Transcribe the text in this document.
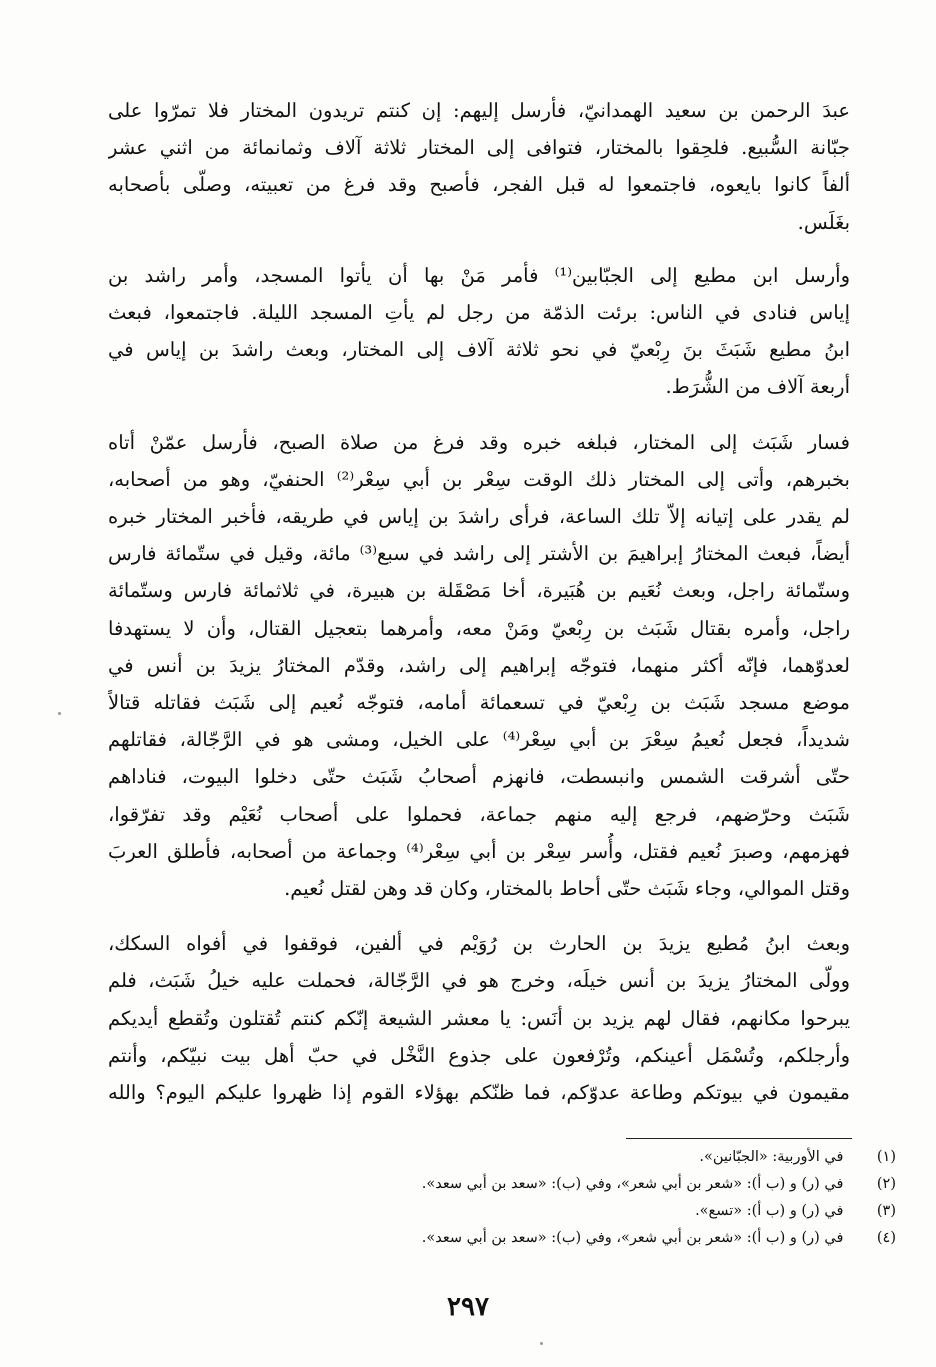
عبدَ الرحمن بن سعيد الهمدانيّ، فأرسل إليهم: إن كنتم تريدون المختار فلا تمرّوا على
جبّانة السُّبيع. فلحِقوا بالمختار، فتوافى إلى المختار ثلاثة آلاف وثمانمائة من اثني عشر
ألفاً كانوا بايعوه، فاجتمعوا له قبل الفجر، فأصبح وقد فرغ من تعبيته، وصلّى بأصحابه
بغَلَس.
وأرسل ابن مطيع إلى الجبّابين⁽¹⁾ فأمر مَنْ بها أن يأتوا المسجد، وأمر راشد بن
إياس فنادى في الناس: برئت الذمّة من رجل لم يأتِ المسجد الليلة. فاجتمعوا، فبعث
ابنُ مطيع شَبَثَ بنَ رِبْعيّ في نحو ثلاثة آلاف إلى المختار، وبعث راشدَ بن إياس في
أربعة آلاف من الشُّرَط.
فسار شَبَث إلى المختار، فبلغه خبره وقد فرغ من صلاة الصبح، فأرسل عمّنْ أتاه
بخبرهم، وأتى إلى المختار ذلك الوقت سِعْر بن أبي سِعْر⁽²⁾ الحنفيّ، وهو من أصحابه،
لم يقدر على إتيانه إلاّ تلك الساعة، فرأى راشدَ بن إياس في طريقه، فأخبر المختار خبره
أيضاً، فبعث المختارُ إبراهيمَ بن الأشتر إلى راشد في سبع⁽³⁾ مائة، وقيل في ستّمائة فارس
وستّمائة راجل، وبعث نُعَيم بن هُبَيرة، أخا مَصْقَلة بن هبيرة، في ثلاثمائة فارس وستّمائة
راجل، وأمره بقتال شَبَث بن رِبْعيّ ومَنْ معه، وأمرهما بتعجيل القتال، وأن لا يستهدفا
لعدوّهما، فإنّه أكثر منهما، فتوجّه إبراهيم إلى راشد، وقدّم المختارُ يزيدَ بن أنس في
موضع مسجد شَبَث بن رِبْعيّ في تسعمائة أمامه، فتوجّه نُعيم إلى شَبَث فقاتله قتالاً
شديداً، فجعل نُعيمُ سِعْرَ بن أبي سِعْر⁽⁴⁾ على الخيل، ومشى هو في الرَّجّالة، فقاتلهم
حتّى أشرقت الشمس وانبسطت، فانهزم أصحابُ شَبَث حتّى دخلوا البيوت، فناداهم
شَبَث وحرّضهم، فرجع إليه منهم جماعة، فحملوا على أصحاب نُعَيْم وقد تفرّقوا،
فهزمهم، وصبرَ نُعيم فقتل، وأُسر سِعْر بن أبي سِعْر⁽⁴⁾ وجماعة من أصحابه، فأطلق العربَ
وقتل الموالي، وجاء شَبَث حتّى أحاط بالمختار، وكان قد وهن لقتل نُعيم.
وبعث ابنُ مُطيع يزيدَ بن الحارث بن رُوَيْم في ألفين، فوقفوا في أفواه السكك،
وولّى المختارُ يزيدَ بن أنس خيلَه، وخرج هو في الرَّجّالة، فحملت عليه خيلُ شَبَث، فلم
يبرحوا مكانهم، فقال لهم يزيد بن أنَس: يا معشر الشيعة إنّكم كنتم تُقتلون وتُقطع أيديكم
وأرجلكم، وتُسْمَل أعينكم، وتُرْفعون على جذوع النَّخْل في حبّ أهل بيت نبيّكم، وأنتم
مقيمون في بيوتكم وطاعة عدوّكم، فما ظنّكم بهؤلاء القوم إذا ظهروا عليكم اليوم؟ والله
(١) في الأوربية: «الجبّانين».
(٢) في (ر) و (ب أ): «شعر بن أبي شعر»، وفي (ب): «سعد بن أبي سعد».
(٣) في (ر) و (ب أ): «تسع».
(٤) في (ر) و (ب أ): «شعر بن أبي شعر»، وفي (ب): «سعد بن أبي سعد».
٢٩٧
